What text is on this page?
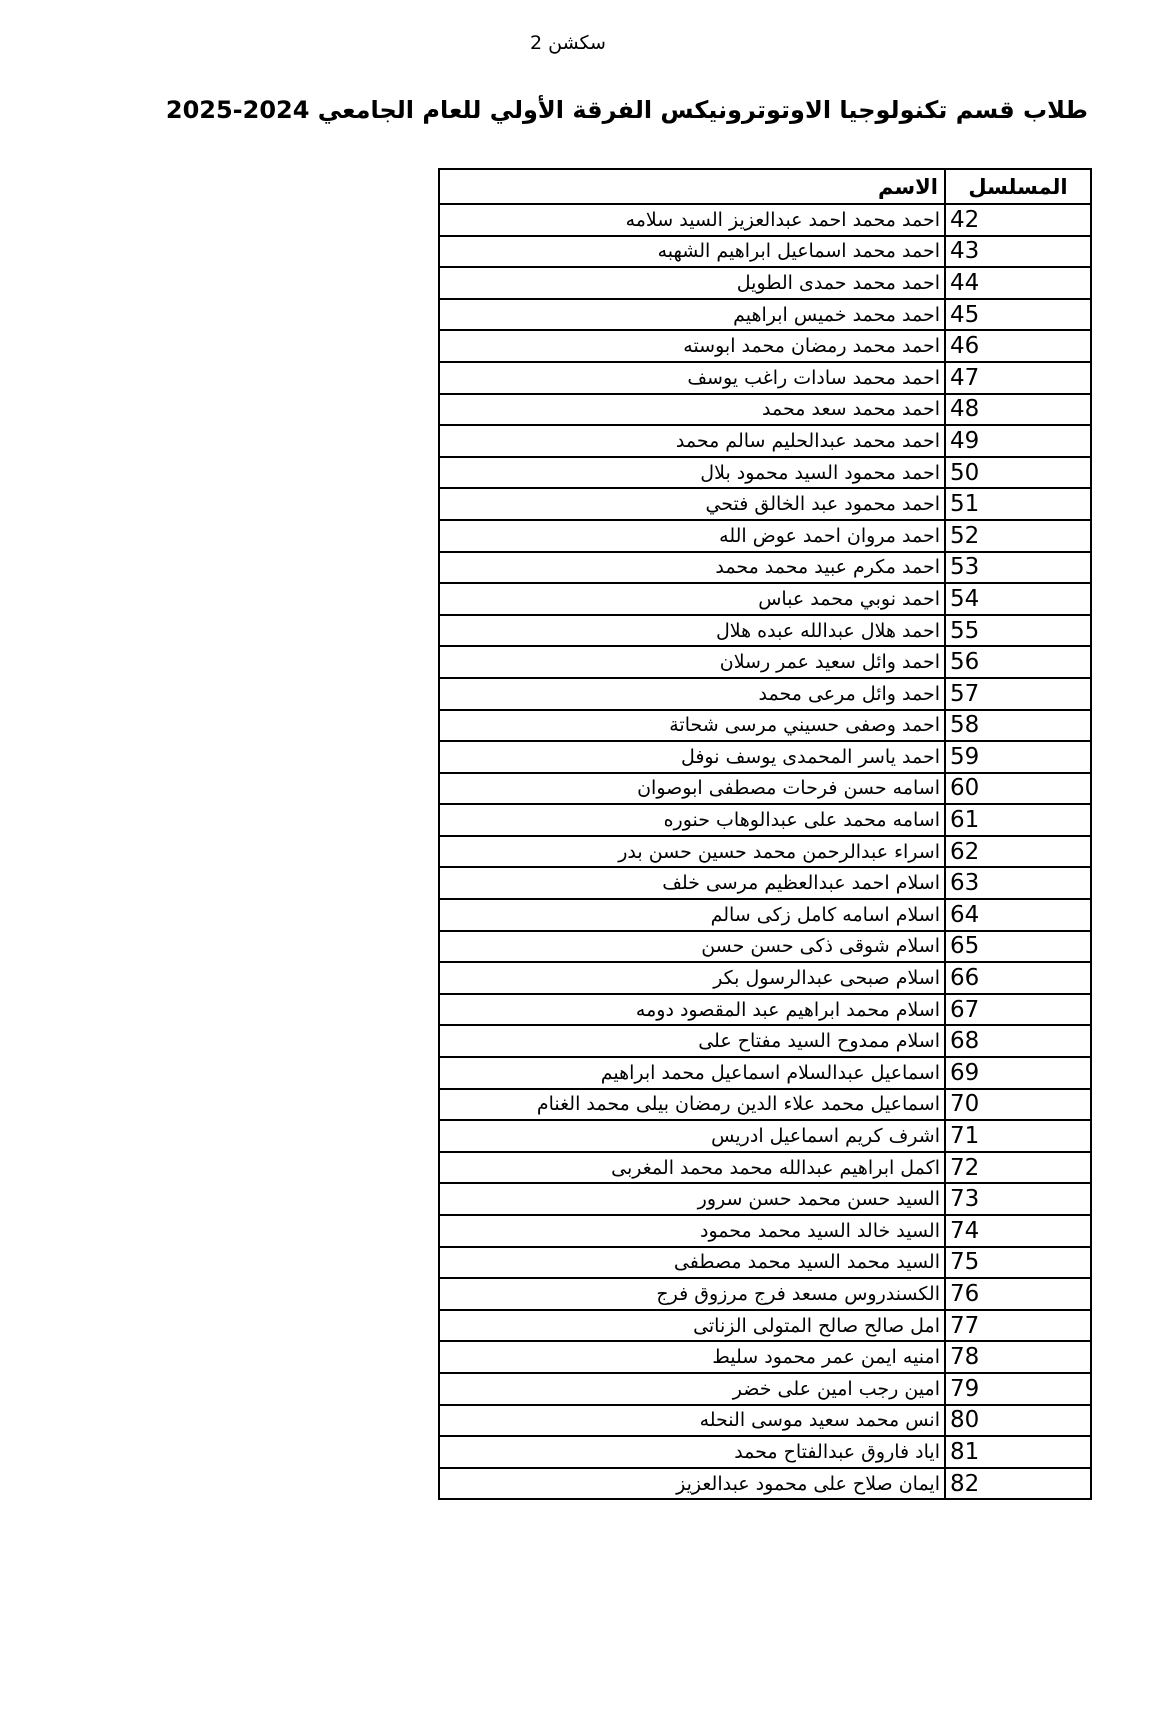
سكشن 2
طلاب قسم تكنولوجيا الاوتوترونيكس الفرقة الأولي للعام الجامعي 2024-2025
المسلسل	الاسم
42	احمد محمد احمد عبدالعزيز السيد سلامه
43	احمد محمد اسماعيل ابراهيم الشهبه
44	احمد محمد حمدى الطويل
45	احمد محمد خميس ابراهيم
46	احمد محمد رمضان محمد ابوسته
47	احمد محمد سادات راغب يوسف
48	احمد محمد سعد محمد
49	احمد محمد عبدالحليم سالم محمد
50	احمد محمود السيد محمود بلال
51	احمد محمود عبد الخالق فتحي
52	احمد مروان احمد عوض الله
53	احمد مكرم عبيد محمد محمد
54	احمد نوبي محمد عباس
55	احمد هلال عبدالله عبده هلال
56	احمد وائل سعيد عمر رسلان
57	احمد وائل مرعى محمد
58	احمد وصفى حسيني مرسى شحاتة
59	احمد ياسر المحمدى يوسف نوفل
60	اسامه حسن فرحات مصطفى ابوصوان
61	اسامه محمد على عبدالوهاب حنوره
62	اسراء عبدالرحمن محمد حسين حسن بدر
63	اسلام احمد عبدالعظيم مرسى خلف
64	اسلام اسامه كامل زكى سالم
65	اسلام شوقى ذكى حسن حسن
66	اسلام صبحى عبدالرسول بكر
67	اسلام محمد ابراهيم عبد المقصود دومه
68	اسلام ممدوح السيد مفتاح على
69	اسماعيل عبدالسلام اسماعيل محمد ابراهيم
70	اسماعيل محمد علاء الدين رمضان بيلى محمد الغنام
71	اشرف كريم اسماعيل ادريس
72	اكمل ابراهيم عبدالله محمد محمد المغربى
73	السيد حسن محمد حسن سرور
74	السيد خالد السيد محمد محمود
75	السيد محمد السيد محمد مصطفى
76	الكسندروس مسعد فرج مرزوق فرج
77	امل صالح صالح المتولى الزناتى
78	امنيه ايمن عمر محمود سليط
79	امين رجب امين على خضر
80	انس محمد سعيد موسى النحله
81	اياد فاروق عبدالفتاح محمد
82	ايمان صلاح على محمود عبدالعزيز
